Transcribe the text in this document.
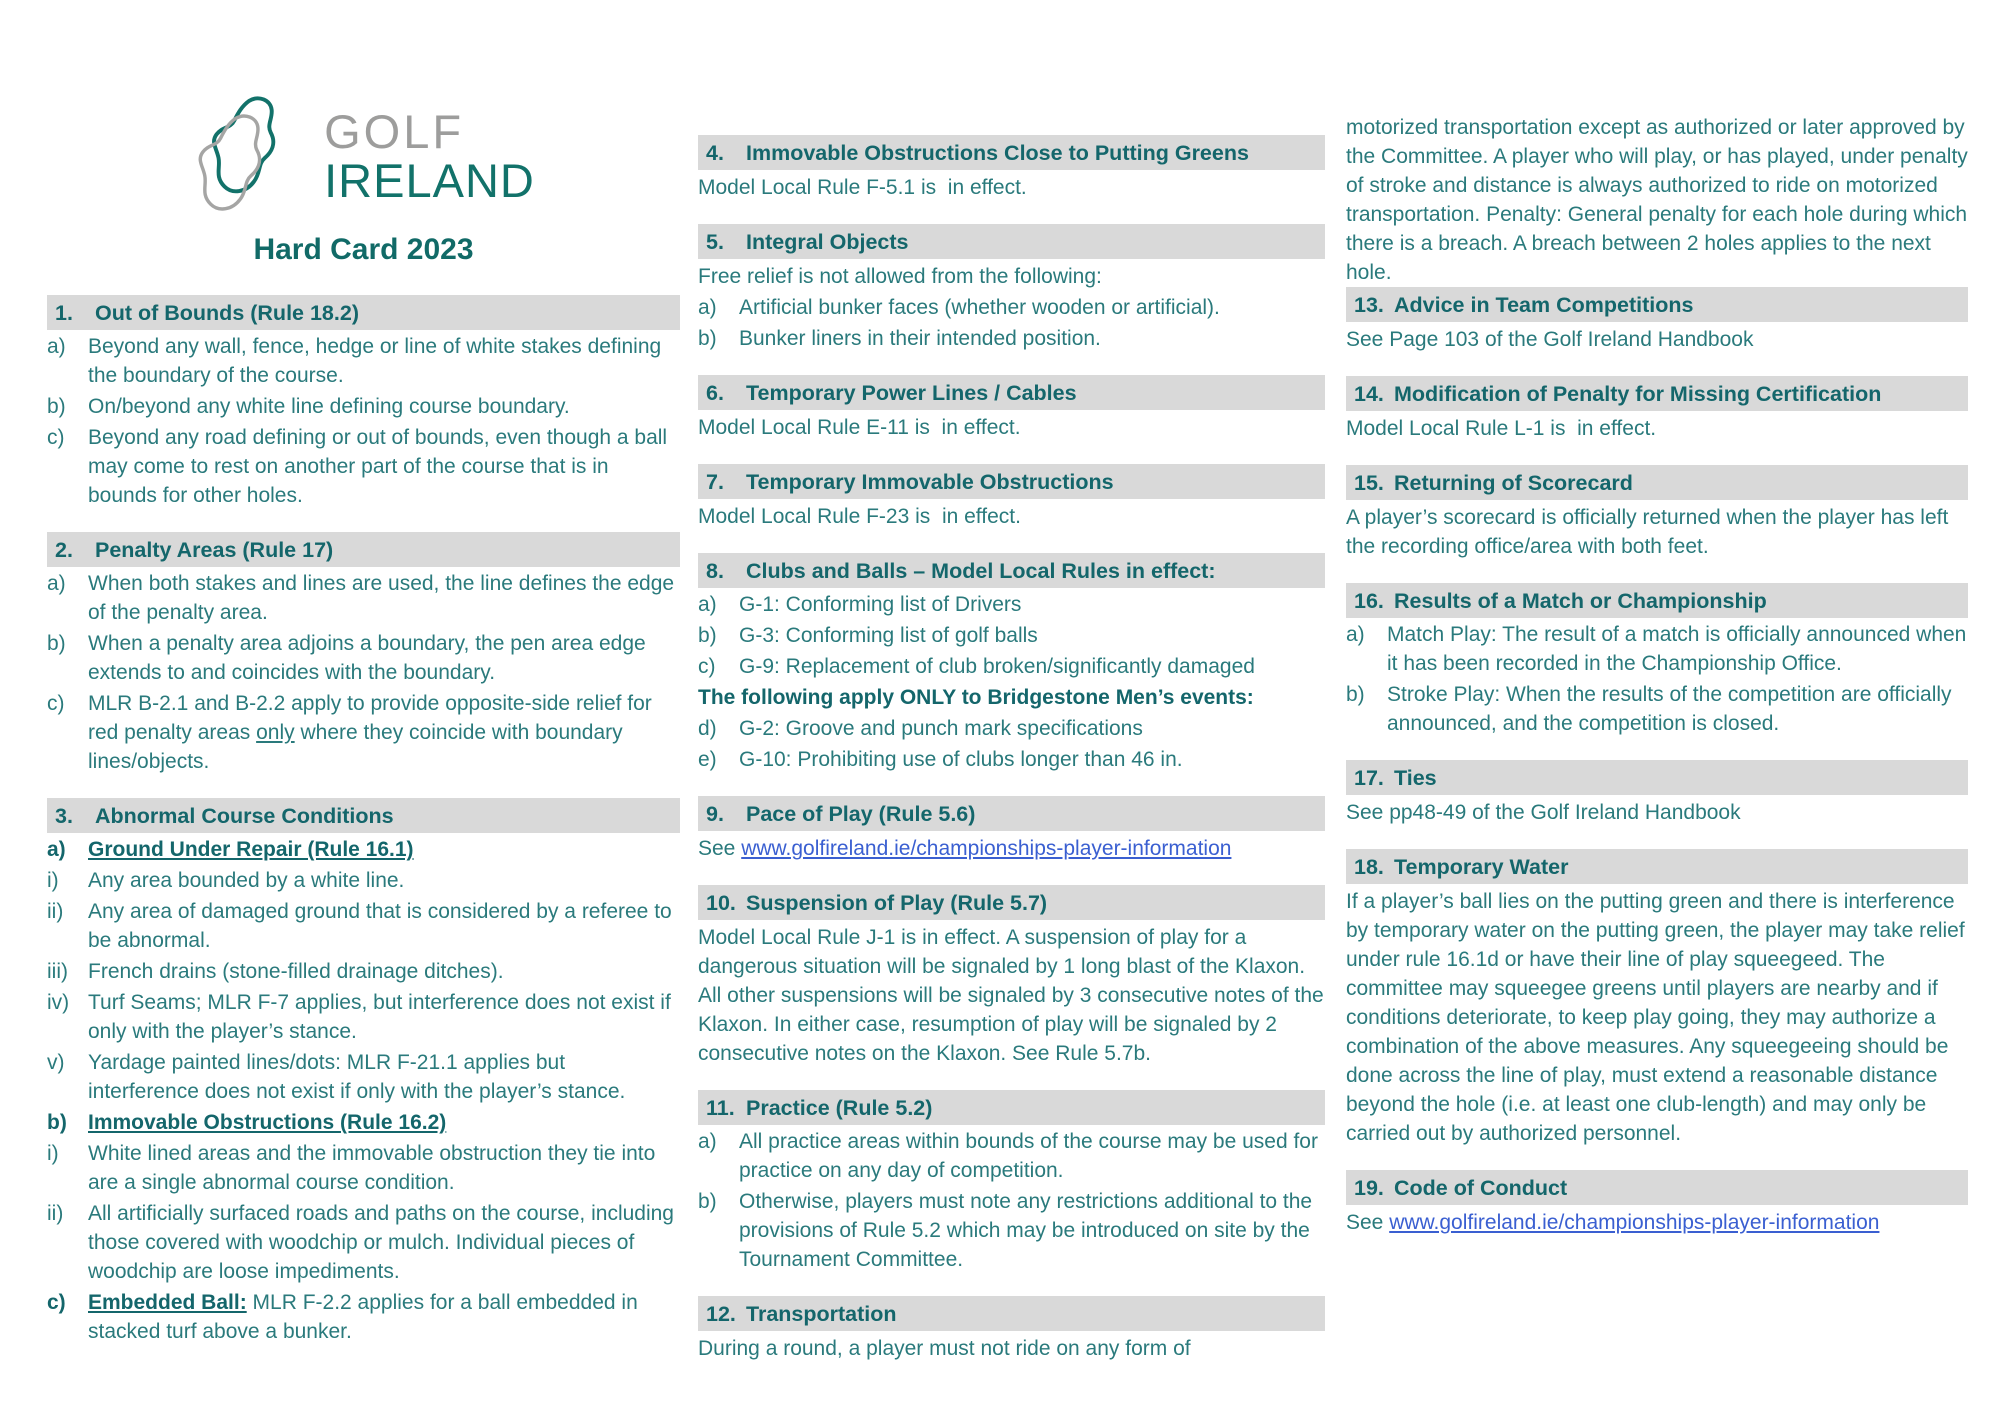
GOLF
IRELAND
Hard Card 2023
1.	Out of Bounds (Rule 18.2)
a)	Beyond any wall, fence, hedge or line of white stakes defining the boundary of the course.
b)	On/beyond any white line defining course boundary.
c)	Beyond any road defining or out of bounds, even though a ball may come to rest on another part of the course that is in bounds for other holes.
2.	Penalty Areas (Rule 17)
a)	When both stakes and lines are used, the line defines the edge of the penalty area.
b)	When a penalty area adjoins a boundary, the pen area edge extends to and coincides with the boundary.
c)	MLR B-2.1 and B-2.2 apply to provide opposite-side relief for red penalty areas only where they coincide with boundary lines/objects.
3.	Abnormal Course Conditions
a)	Ground Under Repair (Rule 16.1)
i)	Any area bounded by a white line.
ii)	Any area of damaged ground that is considered by a referee to be abnormal.
iii) French drains (stone-filled drainage ditches).
iv) Turf Seams; MLR F-7 applies, but interference does not exist if only with the player’s stance.
v)	Yardage painted lines/dots: MLR F-21.1 applies but interference does not exist if only with the player’s stance.
b)	Immovable Obstructions (Rule 16.2)
i)	White lined areas and the immovable obstruction they tie into are a single abnormal course condition.
ii)	All artificially surfaced roads and paths on the course, including those covered with woodchip or mulch. Individual pieces of woodchip are loose impediments.
c)	Embedded Ball: MLR F-2.2 applies for a ball embedded in stacked turf above a bunker.
4.	Immovable Obstructions Close to Putting Greens
Model Local Rule F-5.1 is  in effect.
5.	Integral Objects
Free relief is not allowed from the following:
a)	Artificial bunker faces (whether wooden or artificial).
b)	Bunker liners in their intended position.
6.	Temporary Power Lines / Cables
Model Local Rule E-11 is  in effect.
7.	Temporary Immovable Obstructions
Model Local Rule F-23 is  in effect.
8.	Clubs and Balls – Model Local Rules in effect:
a)	G-1: Conforming list of Drivers
b)	G-3: Conforming list of golf balls
c)	G-9: Replacement of club broken/significantly damaged
The following apply ONLY to Bridgestone Men’s events:
d)	G-2: Groove and punch mark specifications
e)	G-10: Prohibiting use of clubs longer than 46 in.
9.	Pace of Play (Rule 5.6)
See www.golfireland.ie/championships-player-information
10. Suspension of Play (Rule 5.7)
Model Local Rule J-1 is in effect. A suspension of play for a dangerous situation will be signaled by 1 long blast of the Klaxon. All other suspensions will be signaled by 3 consecutive notes of the Klaxon. In either case, resumption of play will be signaled by 2 consecutive notes on the Klaxon. See Rule 5.7b.
11. Practice (Rule 5.2)
a)	All practice areas within bounds of the course may be used for practice on any day of competition.
b)	Otherwise, players must note any restrictions additional to the provisions of Rule 5.2 which may be introduced on site by the Tournament Committee.
12. Transportation
During a round, a player must not ride on any form of
motorized transportation except as authorized or later approved by the Committee. A player who will play, or has played, under penalty of stroke and distance is always authorized to ride on motorized transportation. Penalty: General penalty for each hole during which there is a breach. A breach between 2 holes applies to the next hole.
13. Advice in Team Competitions
See Page 103 of the Golf Ireland Handbook
14. Modification of Penalty for Missing Certification
Model Local Rule L-1 is  in effect.
15. Returning of Scorecard
A player’s scorecard is officially returned when the player has left the recording office/area with both feet.
16. Results of a Match or Championship
a)	Match Play: The result of a match is officially announced when it has been recorded in the Championship Office.
b)	Stroke Play: When the results of the competition are officially announced, and the competition is closed.
17. Ties
See pp48-49 of the Golf Ireland Handbook
18. Temporary Water
If a player’s ball lies on the putting green and there is interference by temporary water on the putting green, the player may take relief under rule 16.1d or have their line of play squeegeed. The committee may squeegee greens until players are nearby and if conditions deteriorate, to keep play going, they may authorize a combination of the above measures. Any squeegeeing should be done across the line of play, must extend a reasonable distance beyond the hole (i.e. at least one club-length) and may only be carried out by authorized personnel.
19. Code of Conduct
See www.golfireland.ie/championships-player-information
